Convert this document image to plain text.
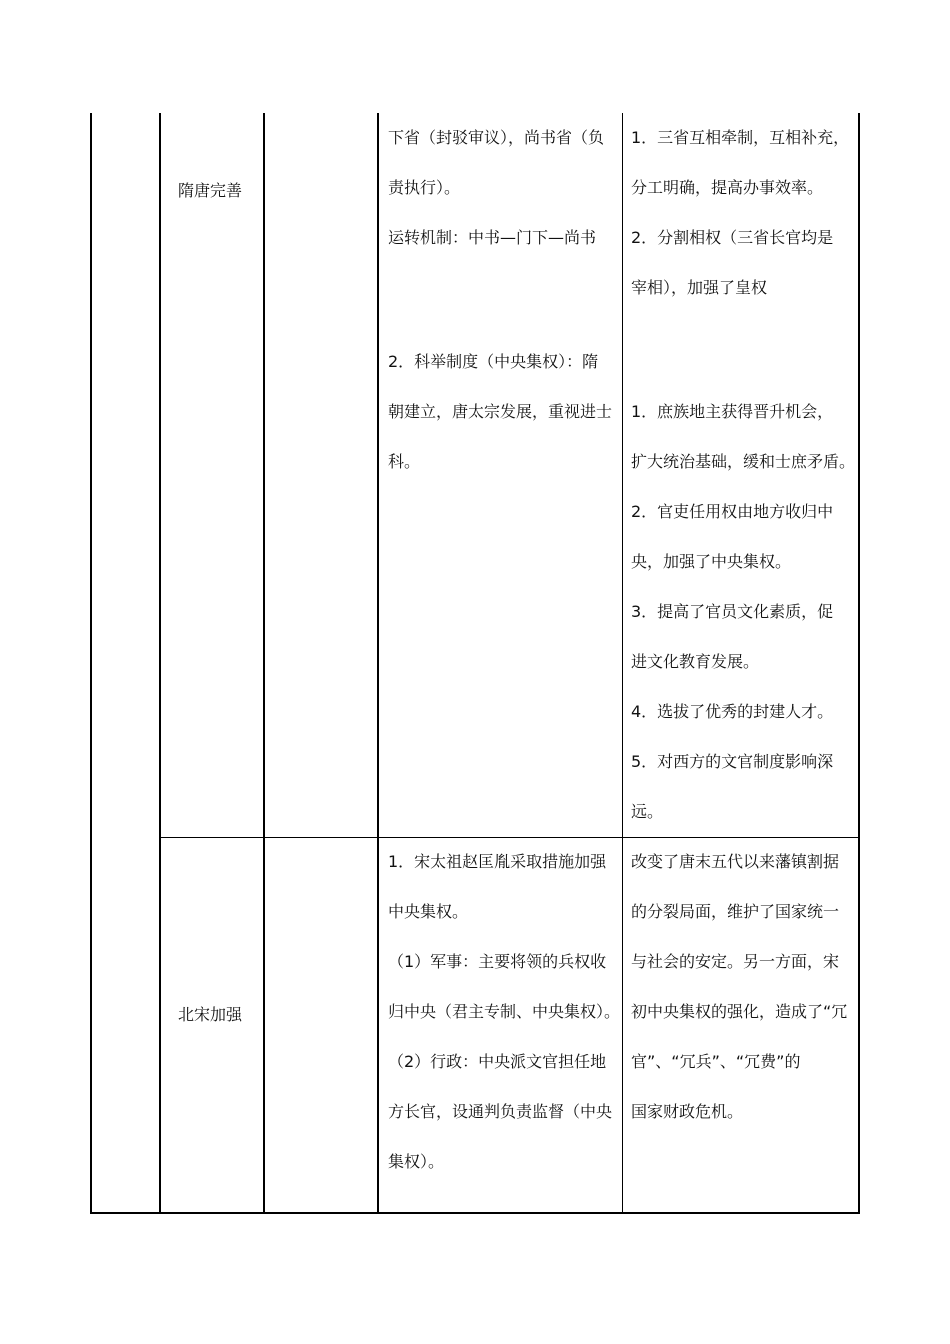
隋唐完善
下省（封驳审议），尚书省（负
责执行）。
运转机制：中书—门下—尚书
2．科举制度（中央集权）：隋
朝建立，唐太宗发展，重视进士
科。
1．三省互相牵制，互相补充，
分工明确，提高办事效率。
2．分割相权（三省长官均是
宰相），加强了皇权
1．庶族地主获得晋升机会，
扩大统治基础，缓和士庶矛盾。
2．官吏任用权由地方收归中
央，加强了中央集权。
3．提高了官员文化素质，促
进文化教育发展。
4．选拔了优秀的封建人才。
5．对西方的文官制度影响深
远。
北宋加强
1．宋太祖赵匡胤采取措施加强
中央集权。
（1）军事：主要将领的兵权收
归中央（君主专制、中央集权）。
（2）行政：中央派文官担任地
方长官，设通判负责监督（中央
集权）。
改变了唐末五代以来藩镇割据
的分裂局面，维护了国家统一
与社会的安定。另一方面，宋
初中央集权的强化，造成了“冗
官”、“冗兵”、“冗费”的
国家财政危机。
